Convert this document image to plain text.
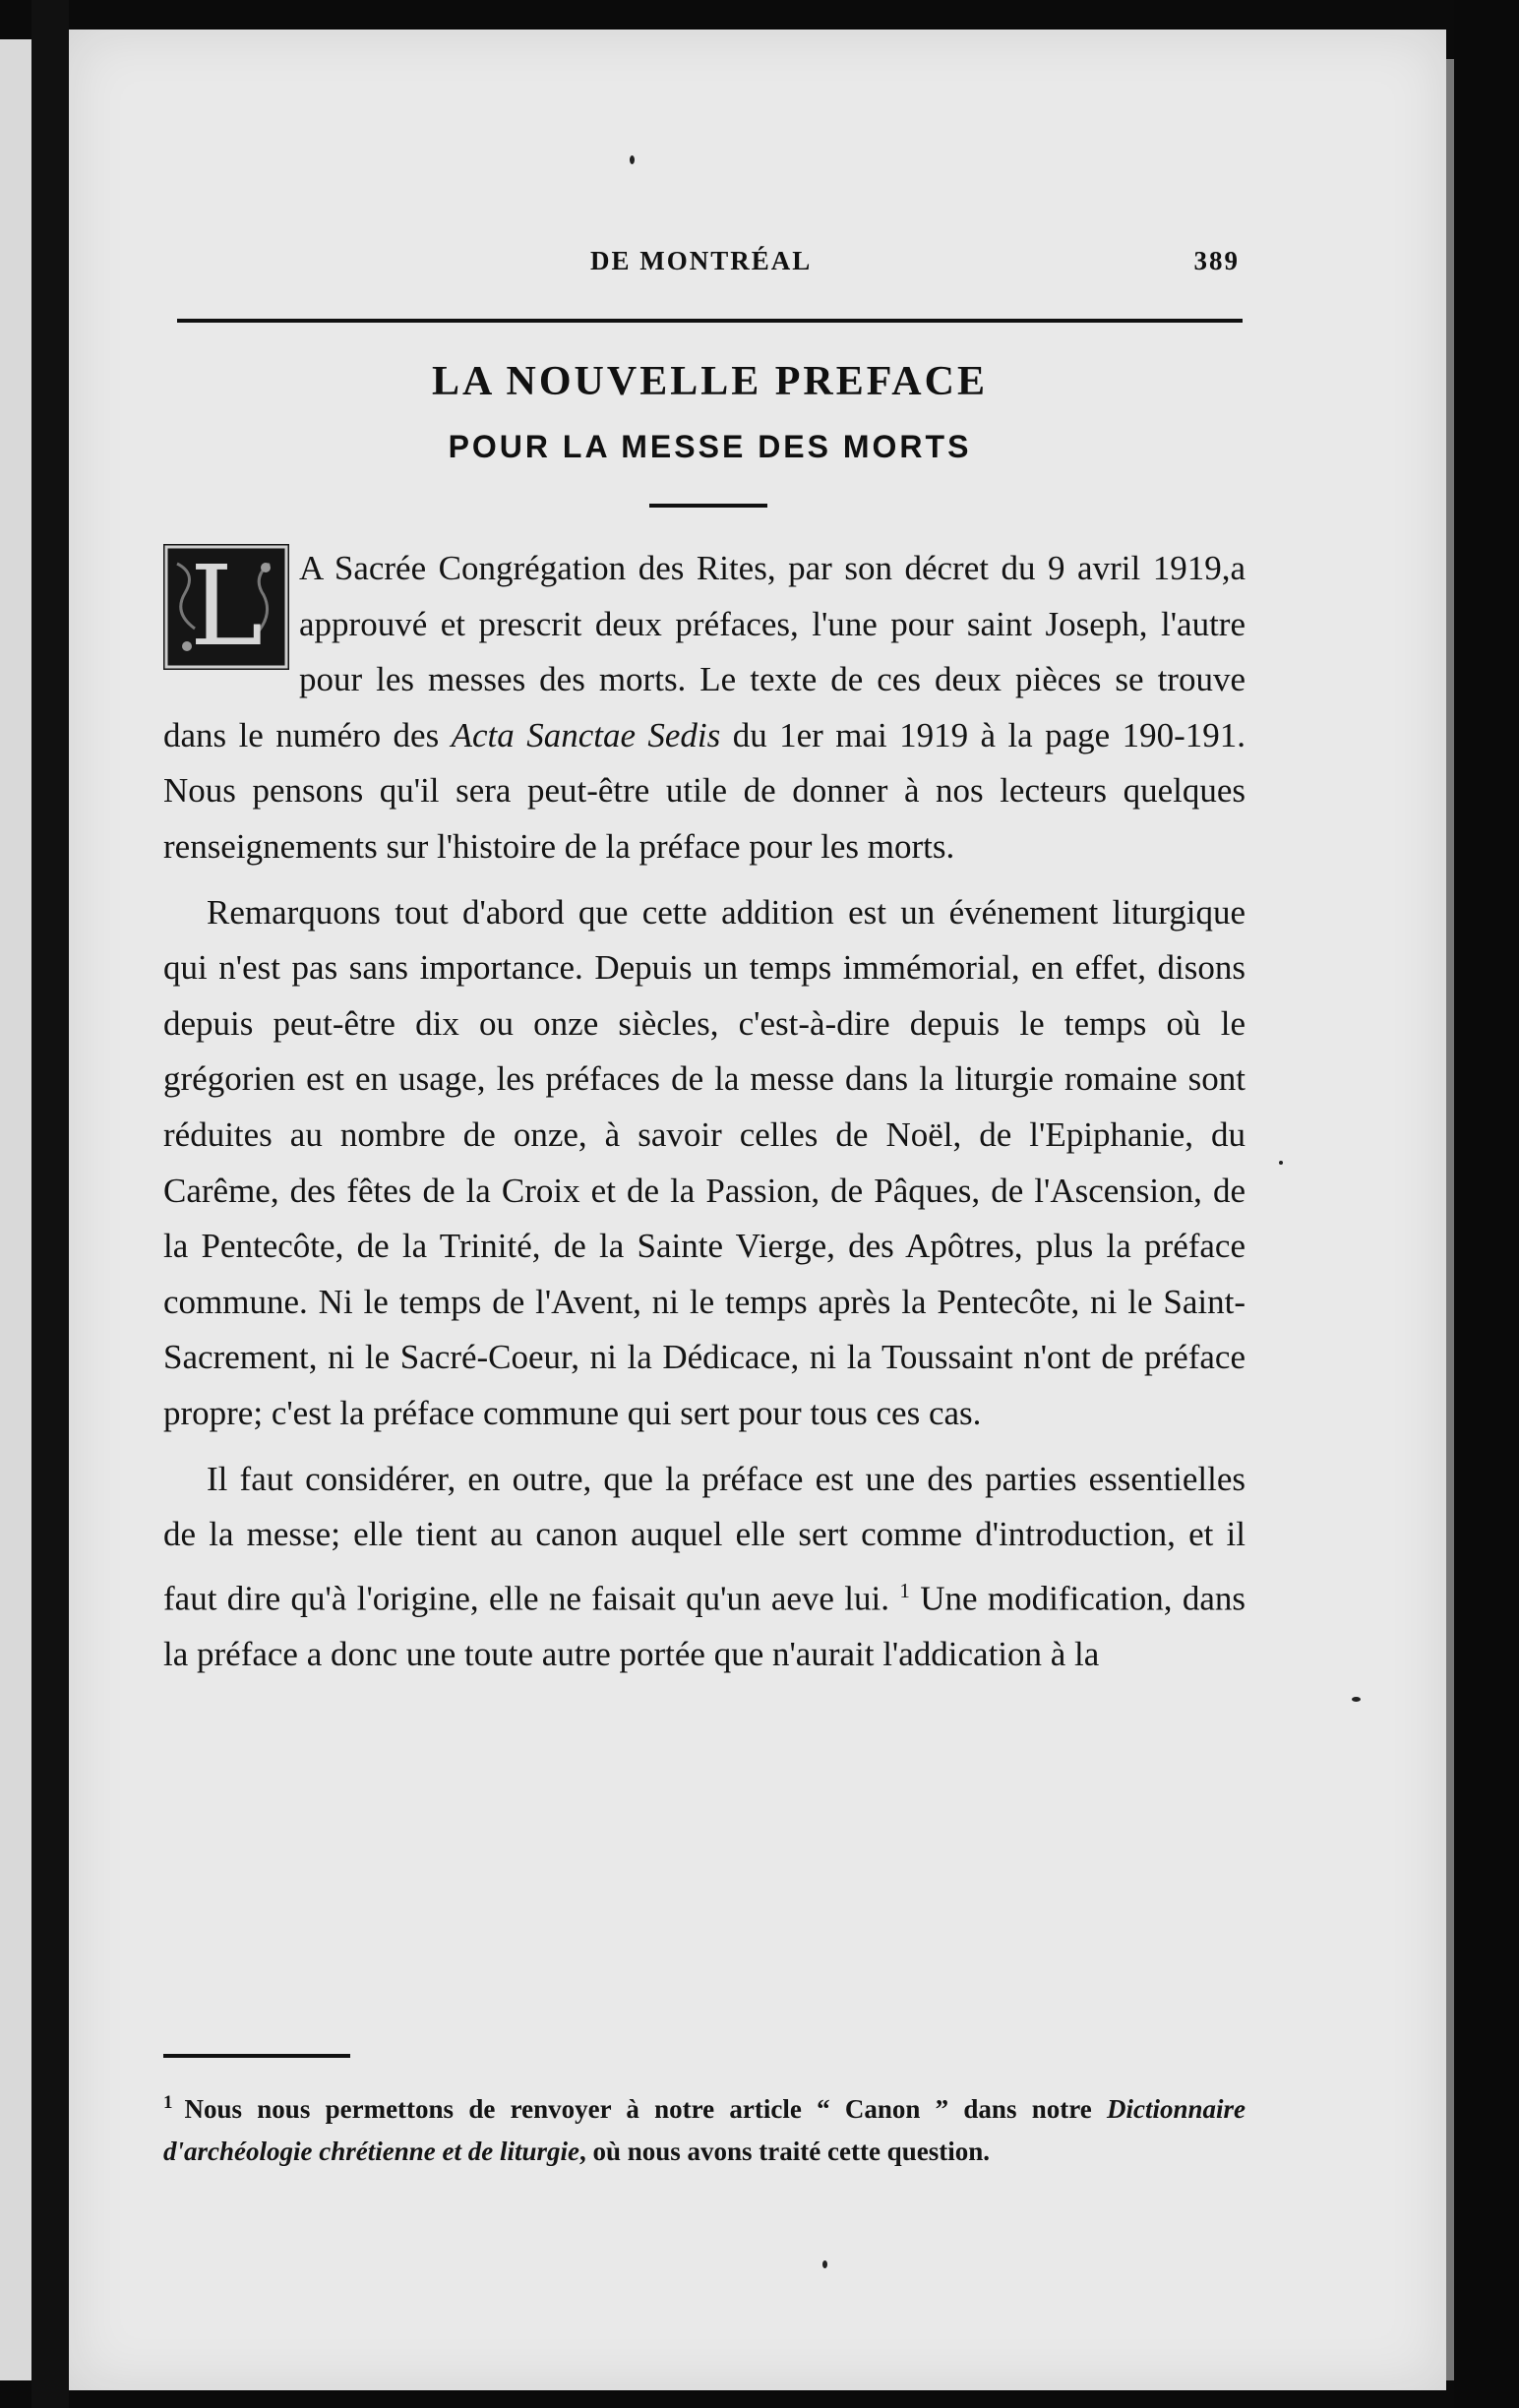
DE MONTRÉAL	389
LA NOUVELLE PREFACE
POUR LA MESSE DES MORTS
L	A Sacrée Congrégation des Rites, par son décret du 9 avril 1919,a approuvé et prescrit deux préfaces, l'une pour saint Joseph, l'autre pour les messes des morts. Le texte de ces deux pièces se trouve dans le numéro des Acta Sanctae Sedis du 1er mai 1919 à la page 190-191. Nous pensons qu'il sera peut-être utile de donner à nos lecteurs quelques renseignements sur l'histoire de la préface pour les morts.

Remarquons tout d'abord que cette addition est un événement liturgique qui n'est pas sans importance. Depuis un temps immémorial, en effet, disons depuis peut-être dix ou onze siècles, c'est-à-dire depuis le temps où le grégorien est en usage, les préfaces de la messe dans la liturgie romaine sont réduites au nombre de onze, à savoir celles de Noël, de l'Epiphanie, du Carême, des fêtes de la Croix et de la Passion, de Pâques, de l'Ascension, de la Pentecôte, de la Trinité, de la Sainte Vierge, des Apôtres, plus la préface commune. Ni le temps de l'Avent, ni le temps après la Pentecôte, ni le Saint-Sacrement, ni le Sacré-Coeur, ni la Dédicace, ni la Toussaint n'ont de préface propre; c'est la préface commune qui sert pour tous ces cas.

Il faut considérer, en outre, que la préface est une des parties essentielles de la messe; elle tient au canon auquel elle sert comme d'introduction, et il faut dire qu'à l'origine, elle ne faisait qu'un aeve lui. $^1$ Une modification, dans la préface a donc une toute autre portée que n'aurait l'addication à la

$^1$ Nous nous permettons de renvoyer à notre article “ Canon ” dans notre Dictionnaire d'archéologie chrétienne et de liturgie, où nous avons traité cette question.
